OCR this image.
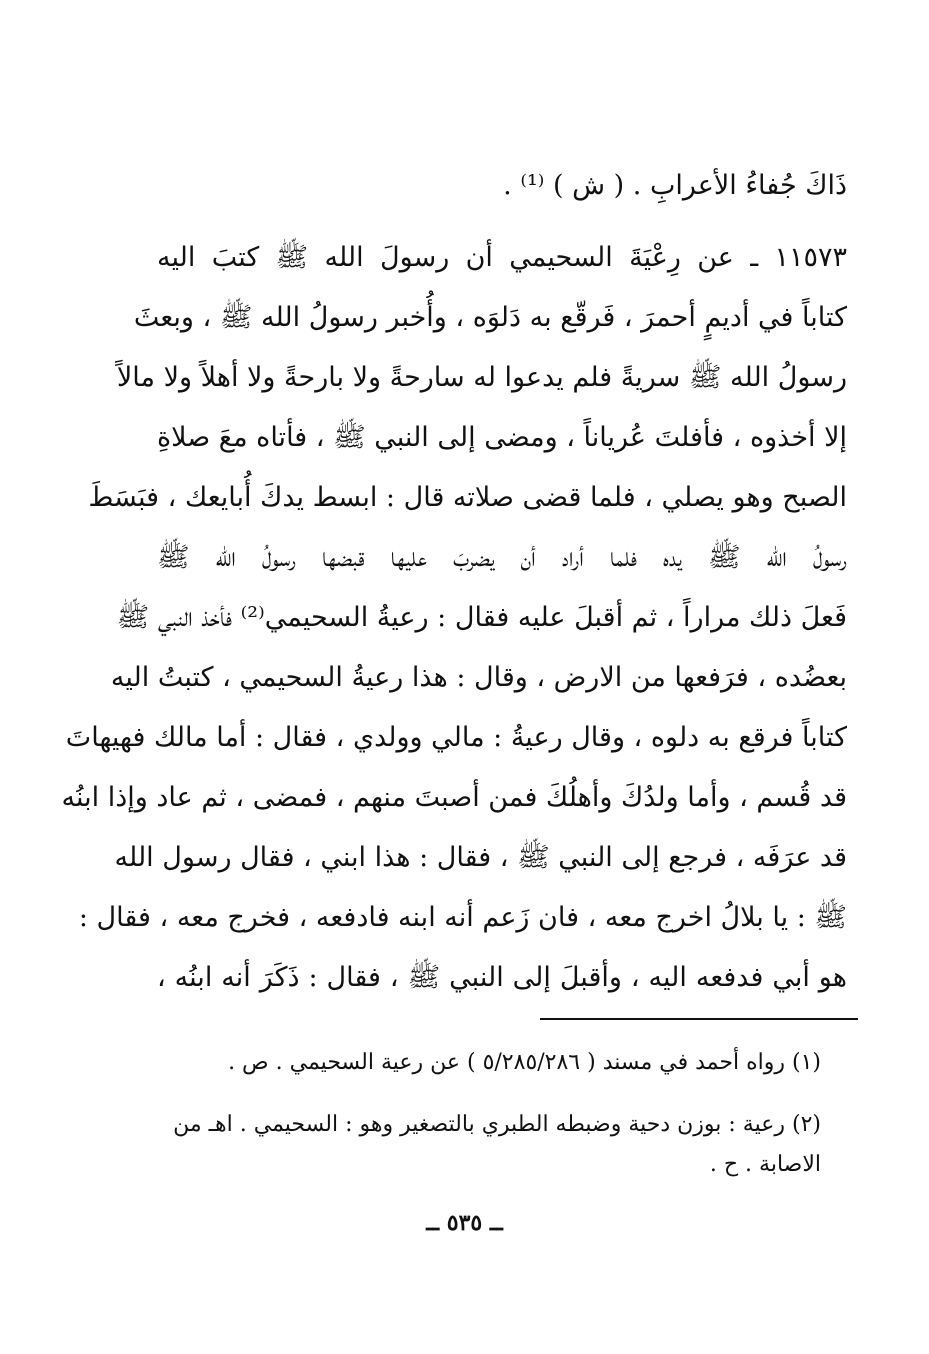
ذَاكَ جُفاءُ الأعرابِ . ( ش ) ⁽¹⁾ .
١١٥٧٣ ـ عن رِعْيَةَ السحيمي أن رسولَ الله ﷺ كتبَ اليه
كتاباً في أديمٍ أحمرَ ، فَرقّع به دَلوَه ، وأُخبر رسولُ الله ﷺ ، وبعثَ
رسولُ الله ﷺ سريةً فلم يدعوا له سارحةً ولا بارحةً ولا أهلاً ولا مالاً
إلا أخذوه ، فأفلتَ عُرياناً ، ومضى إلى النبي ﷺ ، فأتاه معَ صلاةِ
الصبح وهو يصلي ، فلما قضى صلاته قال : ابسط يدكَ أُبايعك ، فبَسَطَ
رسولُ الله ﷺ يده فلما أراد أن يضربَ عليها قبضها رسولُ الله ﷺ
فَعلَ ذلك مراراً ، ثم أقبلَ عليه فقال : رعيةُ السحيمي⁽²⁾ فأخذ النبي ﷺ
بعضُده ، فرَفعها من الارض ، وقال : هذا رعيةُ السحيمي ، كتبتُ اليه
كتاباً فرقع به دلوه ، وقال رعيةُ : مالي وولدي ، فقال : أما مالك فهيهاتَ
قد قُسم ، وأما ولدُكَ وأهلُكَ فمن أصبتَ منهم ، فمضى ، ثم عاد وإذا ابنُه
قد عرَفَه ، فرجع إلى النبي ﷺ ، فقال : هذا ابني ، فقال رسول الله
ﷺ : يا بلالُ اخرج معه ، فان زَعم أنه ابنه فادفعه ، فخرج معه ، فقال :
هو أبي فدفعه اليه ، وأقبلَ إلى النبي ﷺ ، فقال : ذَكَرَ أنه ابنُه ،
(١) رواه أحمد في مسند ( ٥/٢٨٥/٢٨٦ ) عن رعية السحيمي . ص .
(٢) رعية : بوزن دحية وضبطه الطبري بالتصغير وهو : السحيمي . اهـ من
الاصابة . ح .
ــ ٥٣٥ ــ
